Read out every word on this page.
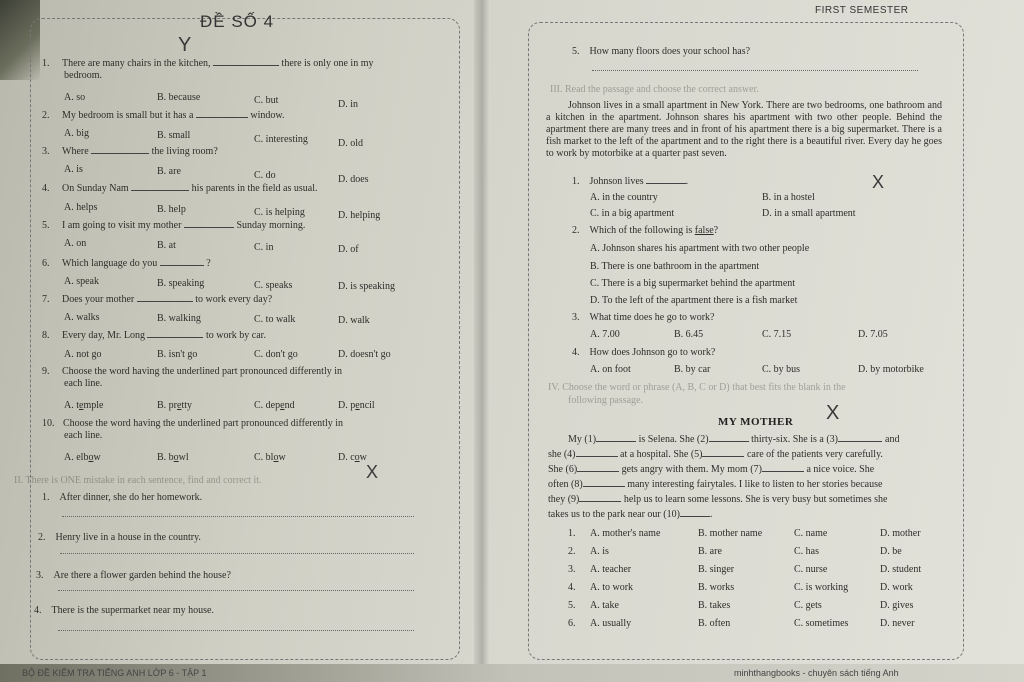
ĐỀ SỐ 4
FIRST SEMESTER
Y
1. There are many chairs in the kitchen,	there is only one in my
bedroom.
A. so	B. because	C. but	D. in
2. My bedroom is small but it has a	window.
A. big	B. small	C. interesting	D. old
3. Where	the living room?
A. is	B. are	C. do	D. does
4. On Sunday Nam	his parents in the field as usual.
A. helps	B. help	C. is helping	D. helping
5. I am going to visit my mother	Sunday morning.
A. on	B. at	C. in	D. of
6. Which language do you	?
A. speak	B. speaking	C. speaks	D. is speaking
7. Does your mother	to work every day?
A. walks	B. walking	C. to walk	D. walk
8. Every day, Mr. Long	to work by car.
A. not go	B. isn't go	C. don't go	D. doesn't go
9. Choose the word having the underlined part pronounced differently in
each line.
A. temple	B. pretty	C. depend	D. pencil
10. Choose the word having the underlined part pronounced differently in
each line.
A. elbow	B. bowl	C. blow	D. cow
X
II. There is ONE mistake in each sentence, find and correct it.
1. After dinner, she do her homework.
2. Henry live in a house in the country.
3. Are there a flower garden behind the house?
4. There is the supermarket near my house.
5. How many floors does your school has?
III. Read the passage and choose the correct answer.
Johnson lives in a small apartment in New York. There are two bedrooms, one bathroom and a kitchen in the apartment. Johnson shares his apartment with two other people. Behind the apartment there are many trees and in front of his apartment there is a big supermarket. There is a fish market to the left of the apartment and to the right there is a beautiful river. Every day he goes to work by motorbike at a quarter past seven.
1. Johnson lives	.	X
A. in the country	B. in a hostel
C. in a big apartment	D. in a small apartment
2. Which of the following is false?
A. Johnson shares his apartment with two other people
B. There is one bathroom in the apartment
C. There is a big supermarket behind the apartment
D. To the left of the apartment there is a fish market
3. What time does he go to work?
A. 7.00	B. 6.45	C. 7.15	D. 7.05
4. How does Johnson go to work?
A. on foot	B. by car	C. by bus	D. by motorbike
IV. Choose the word or phrase (A, B, C or D) that best fits the blank in the
following passage.
MY MOTHER X
My (1)	is Selena. She (2)	thirty-six. She is a (3)	and
she (4)	at a hospital. She (5)	care of the patients very carefully.
She (6)	gets angry with them. My mom (7)	a nice voice. She
often (8)	many interesting fairytales. I like to listen to her stories because
they (9)	help us to learn some lessons. She is very busy but sometimes she
takes us to the park near our (10)	.
1. A. mother's name	B. mother name	C. name	D. mother
2. A. is	B. are	C. has	D. be
3. A. teacher	B. singer	C. nurse	D. student
4. A. to work	B. works	C. is working	D. work
5. A. take	B. takes	C. gets	D. gives
6. A. usually	B. often	C. sometimes	D. never
BỘ ĐỀ KIỂM TRA TIẾNG ANH LỚP 6 - TẬP 1	minhthangbooks - chuyên sách tiếng Anh
